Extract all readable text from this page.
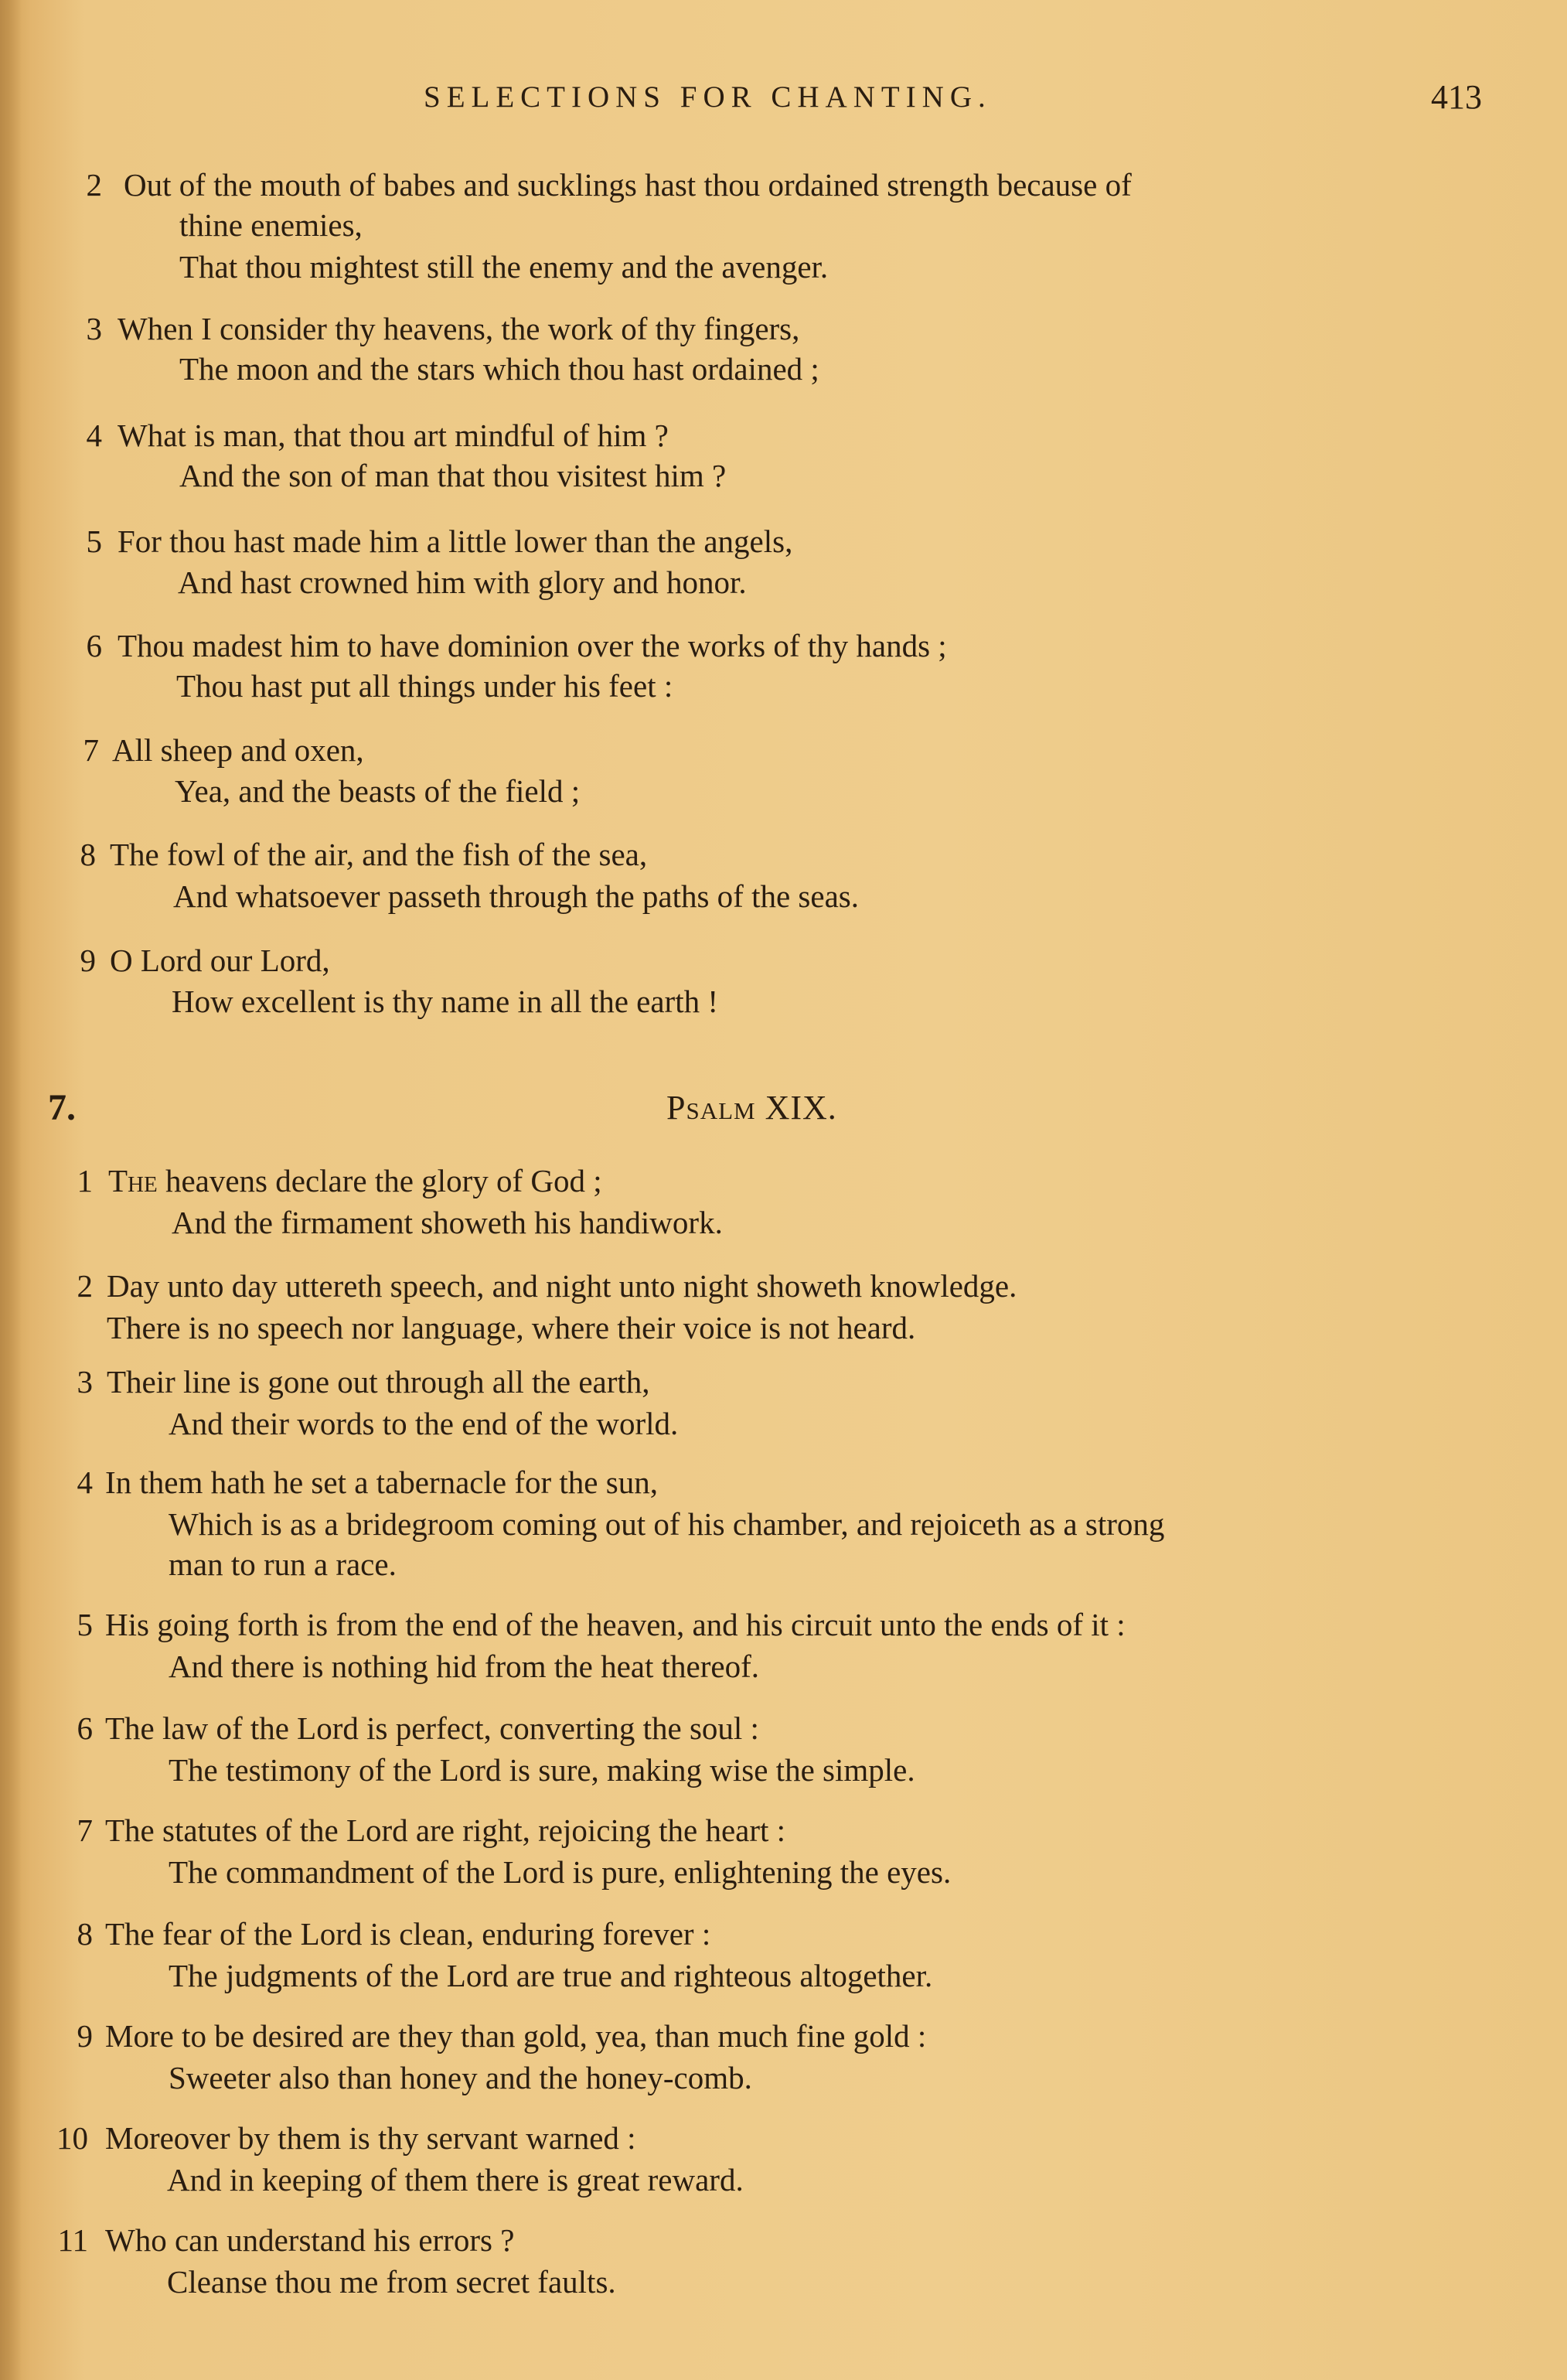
SELECTIONS FOR CHANTING.	413
2 Out of the mouth of babes and sucklings hast thou ordained strength because of
thine enemies,
That thou mightest still the enemy and the avenger.
3 When I consider thy heavens, the work of thy fingers,
The moon and the stars which thou hast ordained ;
4 What is man, that thou art mindful of him ?
And the son of man that thou visitest him ?
5 For thou hast made him a little lower than the angels,
And hast crowned him with glory and honor.
6 Thou madest him to have dominion over the works of thy hands ;
Thou hast put all things under his feet :
7 All sheep and oxen,
Yea, and the beasts of the field ;
8 The fowl of the air, and the fish of the sea,
And whatsoever passeth through the paths of the seas.
9 O Lord our Lord,
How excellent is thy name in all the earth !
7.	Psalm XIX.
1 The heavens declare the glory of God ;
And the firmament showeth his handiwork.
2 Day unto day uttereth speech, and night unto night showeth knowledge.
There is no speech nor language, where their voice is not heard.
3 Their line is gone out through all the earth,
And their words to the end of the world.
4 In them hath he set a tabernacle for the sun,
Which is as a bridegroom coming out of his chamber, and rejoiceth as a strong
man to run a race.
5 His going forth is from the end of the heaven, and his circuit unto the ends of it :
And there is nothing hid from the heat thereof.
6 The law of the Lord is perfect, converting the soul :
The testimony of the Lord is sure, making wise the simple.
7 The statutes of the Lord are right, rejoicing the heart :
The commandment of the Lord is pure, enlightening the eyes.
8 The fear of the Lord is clean, enduring forever :
The judgments of the Lord are true and righteous altogether.
9 More to be desired are they than gold, yea, than much fine gold :
Sweeter also than honey and the honey-comb.
10 Moreover by them is thy servant warned :
And in keeping of them there is great reward.
11 Who can understand his errors ?
Cleanse thou me from secret faults.
